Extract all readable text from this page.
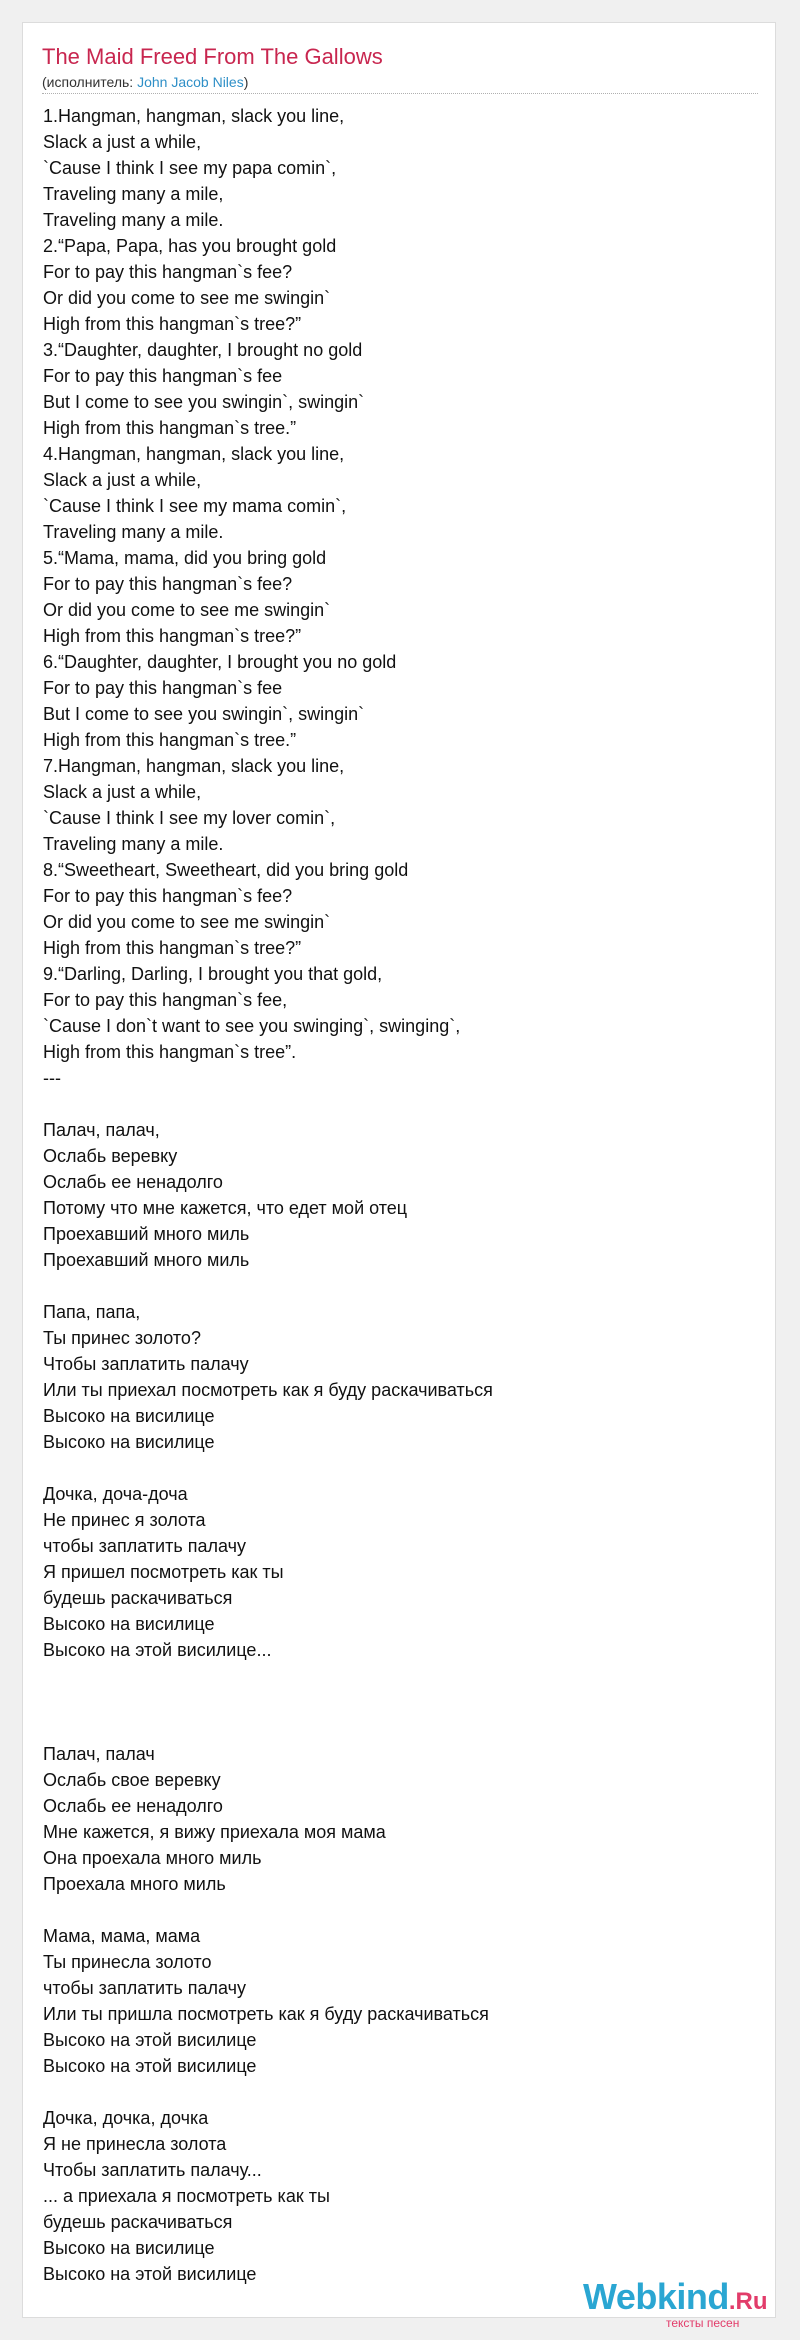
The Maid Freed From The Gallows
(исполнитель: John Jacob Niles)
1.Hangman, hangman, slack you line,
Slack a just a while,
`Cause I think I see my papa comin`,
Traveling many a mile,
Traveling many a mile.
2.“Papa, Papa, has you brought gold
For to pay this hangman`s fee?
Or did you come to see me swingin`
High from this hangman`s tree?”
3.“Daughter, daughter, I brought no gold
For to pay this hangman`s fee
But I come to see you swingin`, swingin`
High from this hangman`s tree.”
4.Hangman, hangman, slack you line,
Slack a just a while,
`Cause I think I see my mama comin`,
Traveling many a mile.
5.“Mama, mama, did you bring gold
For to pay this hangman`s fee?
Or did you come to see me swingin`
High from this hangman`s tree?”
6.“Daughter, daughter, I brought you no gold
For to pay this hangman`s fee
But I come to see you swingin`, swingin`
High from this hangman`s tree.”
7.Hangman, hangman, slack you line,
Slack a just a while,
`Cause I think I see my lover comin`,
Traveling many a mile.
8.“Sweetheart, Sweetheart, did you bring gold
For to pay this hangman`s fee?
Or did you come to see me swingin`
High from this hangman`s tree?”
9.“Darling, Darling, I brought you that gold,
For to pay this hangman`s fee,
`Cause I don`t want to see you swinging`, swinging`,
High from this hangman`s tree”.
---
Палач, палач,
Ослабь веревку
Ослабь ее ненадолго
Потому что мне кажется, что едет мой отец
Проехавший много миль
Проехавший много миль
Папа, папа,
Ты принес золото?
Чтобы заплатить палачу
Или ты приехал посмотреть как я буду раскачиваться
Высоко на висилице
Высоко на висилице
Дочка, доча-доча
Не принес я золота
чтобы заплатить палачу
Я пришел посмотреть как ты
будешь раскачиваться
Высоко на висилице
Высоко на этой висилице...
Палач, палач
Ослабь свое веревку
Ослабь ее ненадолго
Мне кажется, я вижу приехала моя мама
Она проехала много миль
Проехала много миль
Мама, мама, мама
Ты принесла золото
чтобы заплатить палачу
Или ты пришла посмотреть как я буду раскачиваться
Высоко на этой висилице
Высоко на этой висилице
Дочка, дочка, дочка
Я не принесла золота
Чтобы заплатить палачу...
... а приехала я посмотреть как ты
будешь раскачиваться
Высоко на висилице
Высоко на этой висилице
Webkind.Ru
тексты песен
